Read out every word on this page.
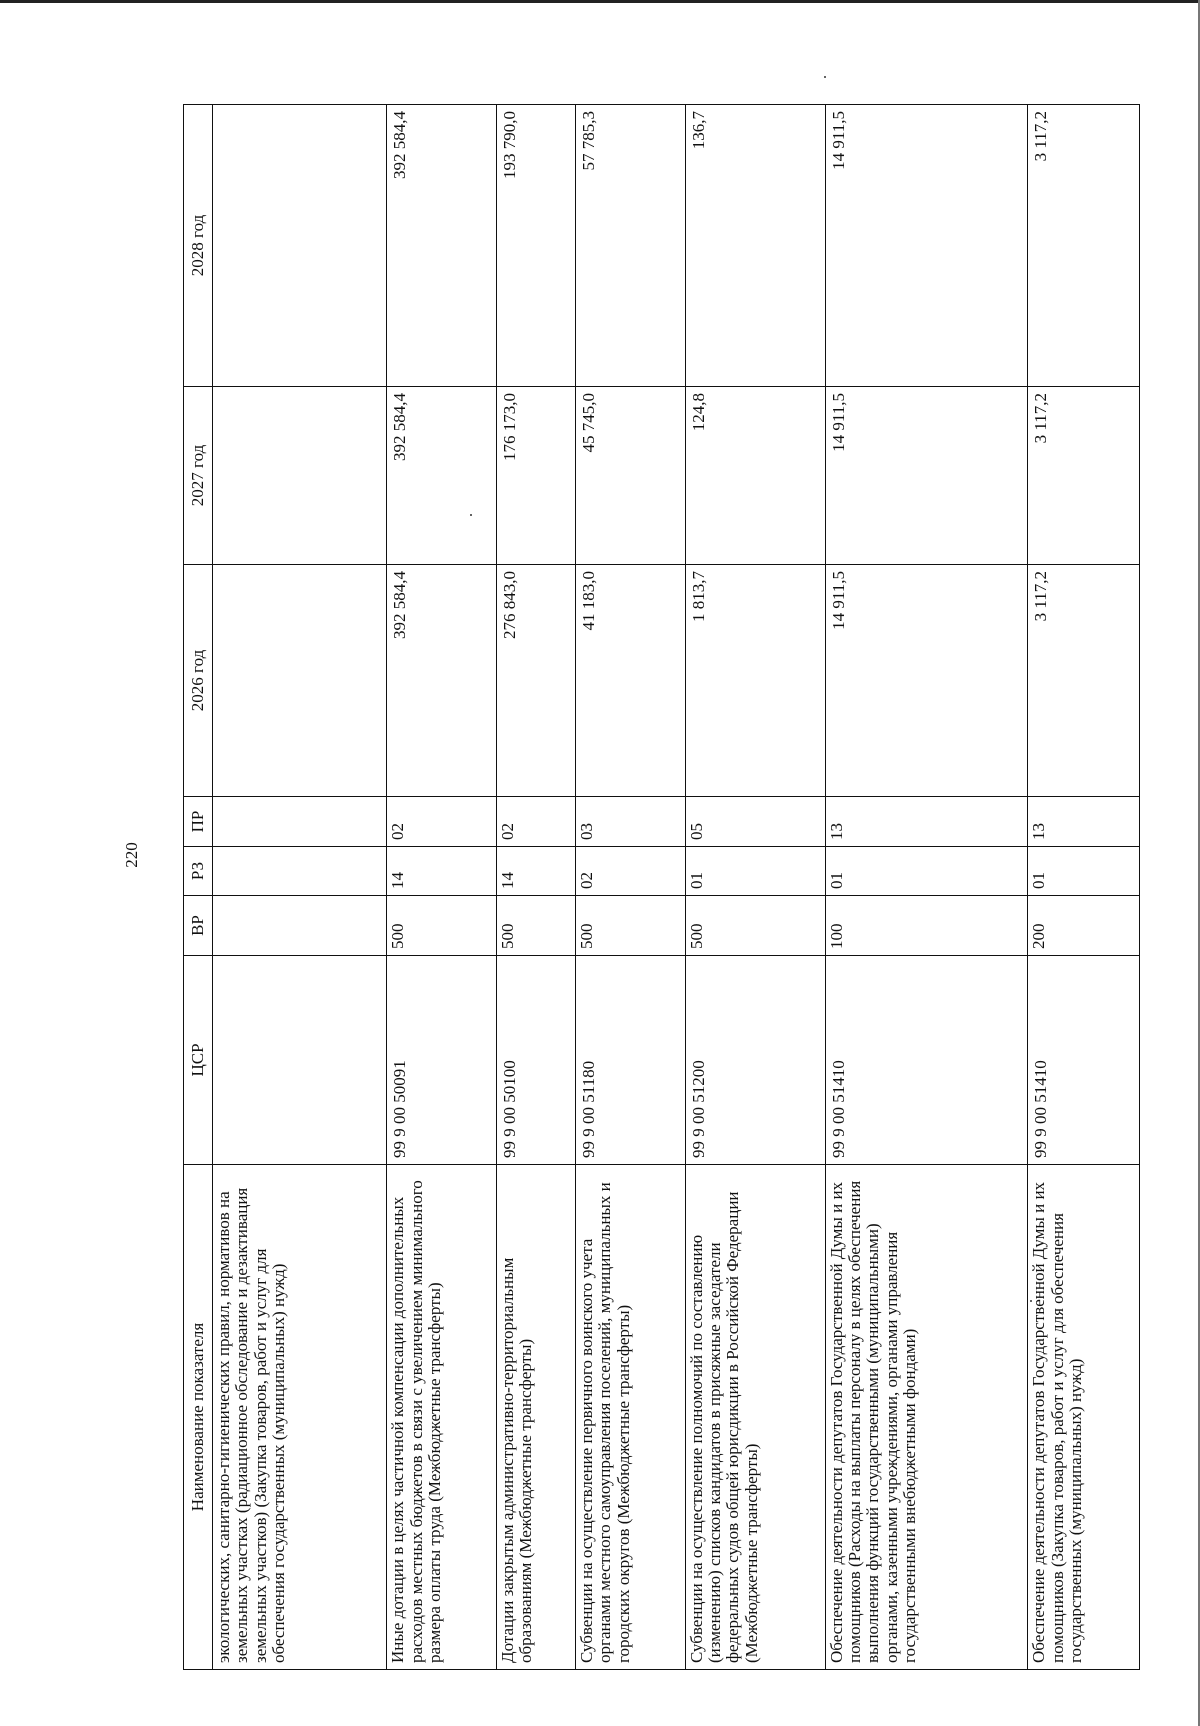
220
Наименование показателя	ЦСР	ВР	РЗ	ПР	2026 год	2027 год	2028 год
экологических, санитарно-гигиенических правил, нормативов на земельных участках (радиационное обследование и дезактивация земельных участков) (Закупка товаров, работ и услуг для обеспечения государственных (муниципальных) нужд)							
Иные дотации в целях частичной компенсации дополнительных расходов местных бюджетов в связи с увеличением минимального размера оплаты труда (Межбюджетные трансферты)	99 9 00 50091	500	14	02	392 584,4	392 584,4	392 584,4
Дотации закрытым административно-территориальным образованиям (Межбюджетные трансферты)	99 9 00 50100	500	14	02	276 843,0	176 173,0	193 790,0
Субвенции на осуществление первичного воинского учета органами местного самоуправления поселений, муниципальных и городских округов (Межбюджетные трансферты)	99 9 00 51180	500	02	03	41 183,0	45 745,0	57 785,3
Субвенции на осуществление полномочий по составлению (изменению) списков кандидатов в присяжные заседатели федеральных судов общей юрисдикции в Российской Федерации (Межбюджетные трансферты)	99 9 00 51200	500	01	05	1 813,7	124,8	136,7
Обеспечение деятельности депутатов Государственной Думы и их помощников (Расходы на выплаты персоналу в целях обеспечения выполнения функций государственными (муниципальными) органами, казенными учреждениями, органами управления государственными внебюджетными фондами)	99 9 00 51410	100	01	13	14 911,5	14 911,5	14 911,5
Обеспечение деятельности депутатов Государственной Думы и их помощников (Закупка товаров, работ и услуг для обеспечения государственных (муниципальных) нужд)	99 9 00 51410	200	01	13	3 117,2	3 117,2	3 117,2
